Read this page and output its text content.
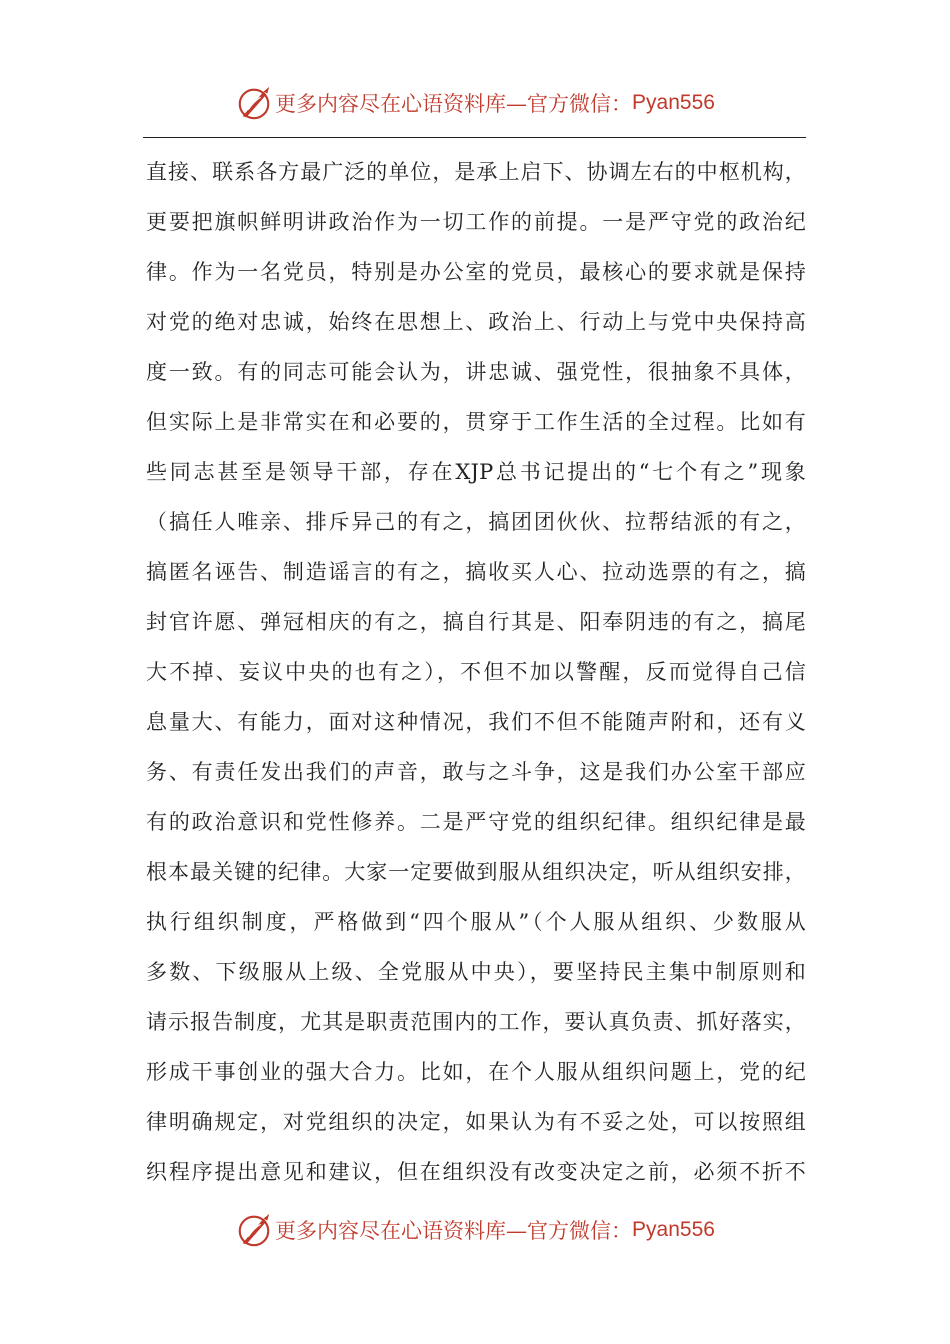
更多内容尽在心语资料库—官方微信： Pyan556
直接、联系各方最广泛的单位，是承上启下、协调左右的中枢机构，
更要把旗帜鲜明讲政治作为一切工作的前提。一是严守党的政治纪
律。作为一名党员，特别是办公室的党员，最核心的要求就是保持
对党的绝对忠诚，始终在思想上、政治上、行动上与党中央保持高
度一致。有的同志可能会认为，讲忠诚、强党性，很抽象不具体，
但实际上是非常实在和必要的，贯穿于工作生活的全过程。比如有
些同志甚至是领导干部，存在XJP总书记提出的“七个有之”现象
（搞任人唯亲、排斥异己的有之，搞团团伙伙、拉帮结派的有之，
搞匿名诬告、制造谣言的有之，搞收买人心、拉动选票的有之，搞
封官许愿、弹冠相庆的有之，搞自行其是、阳奉阴违的有之，搞尾
大不掉、妄议中央的也有之），不但不加以警醒，反而觉得自己信
息量大、有能力，面对这种情况，我们不但不能随声附和，还有义
务、有责任发出我们的声音，敢与之斗争，这是我们办公室干部应
有的政治意识和党性修养。二是严守党的组织纪律。组织纪律是最
根本最关键的纪律。大家一定要做到服从组织决定，听从组织安排，
执行组织制度，严格做到“四个服从”（个人服从组织、少数服从
多数、下级服从上级、全党服从中央），要坚持民主集中制原则和
请示报告制度，尤其是职责范围内的工作，要认真负责、抓好落实，
形成干事创业的强大合力。比如，在个人服从组织问题上，党的纪
律明确规定，对党组织的决定，如果认为有不妥之处，可以按照组
织程序提出意见和建议，但在组织没有改变决定之前，必须不折不
更多内容尽在心语资料库—官方微信： Pyan556
